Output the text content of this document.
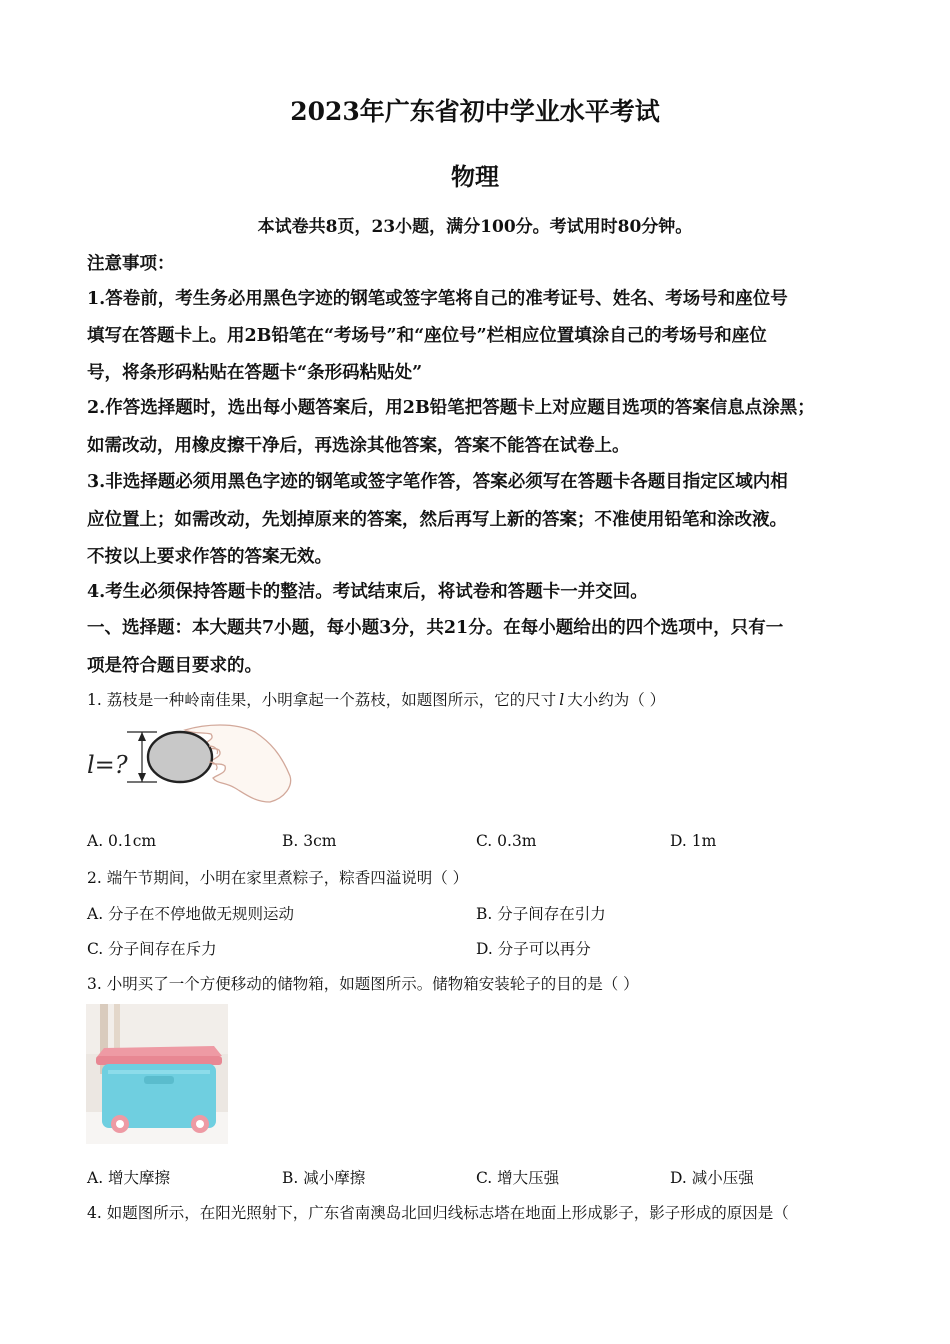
2023年广东省初中学业水平考试
物理
本试卷共8页，23小题，满分100分。考试用时80分钟。
注意事项：
1.答卷前，考生务必用黑色字迹的钢笔或签字笔将自己的准考证号、姓名、考场号和座位号
填写在答题卡上。用2B铅笔在“考场号”和“座位号”栏相应位置填涂自己的考场号和座位
号，将条形码粘贴在答题卡“条形码粘贴处”
2.作答选择题时，选出每小题答案后，用2B铅笔把答题卡上对应题目选项的答案信息点涂黑；
如需改动，用橡皮擦干净后，再选涂其他答案，答案不能答在试卷上。
3.非选择题必须用黑色字迹的钢笔或签字笔作答，答案必须写在答题卡各题目指定区域内相
应位置上；如需改动，先划掉原来的答案，然后再写上新的答案；不准使用铅笔和涂改液。
不按以上要求作答的答案无效。
4.考生必须保持答题卡的整洁。考试结束后，将试卷和答题卡一并交回。
一、选择题：本大题共7小题，每小题3分，共21分。在每小题给出的四个选项中，只有一
项是符合题目要求的。
1. 荔枝是一种岭南佳果，小明拿起一个荔枝，如题图所示，它的尺寸 l 大小约为（ ）
l=?
A. 0.1cm	B. 3cm	C. 0.3m	D. 1m
2. 端午节期间，小明在家里煮粽子，粽香四溢说明（ ）
A. 分子在不停地做无规则运动	B. 分子间存在引力
C. 分子间存在斥力	D. 分子可以再分
3. 小明买了一个方便移动的储物箱，如题图所示。储物箱安装轮子的目的是（ ）
A. 增大摩擦	B. 减小摩擦	C. 增大压强	D. 减小压强
4. 如题图所示，在阳光照射下，广东省南澳岛北回归线标志塔在地面上形成影子，影子形成的原因是（
